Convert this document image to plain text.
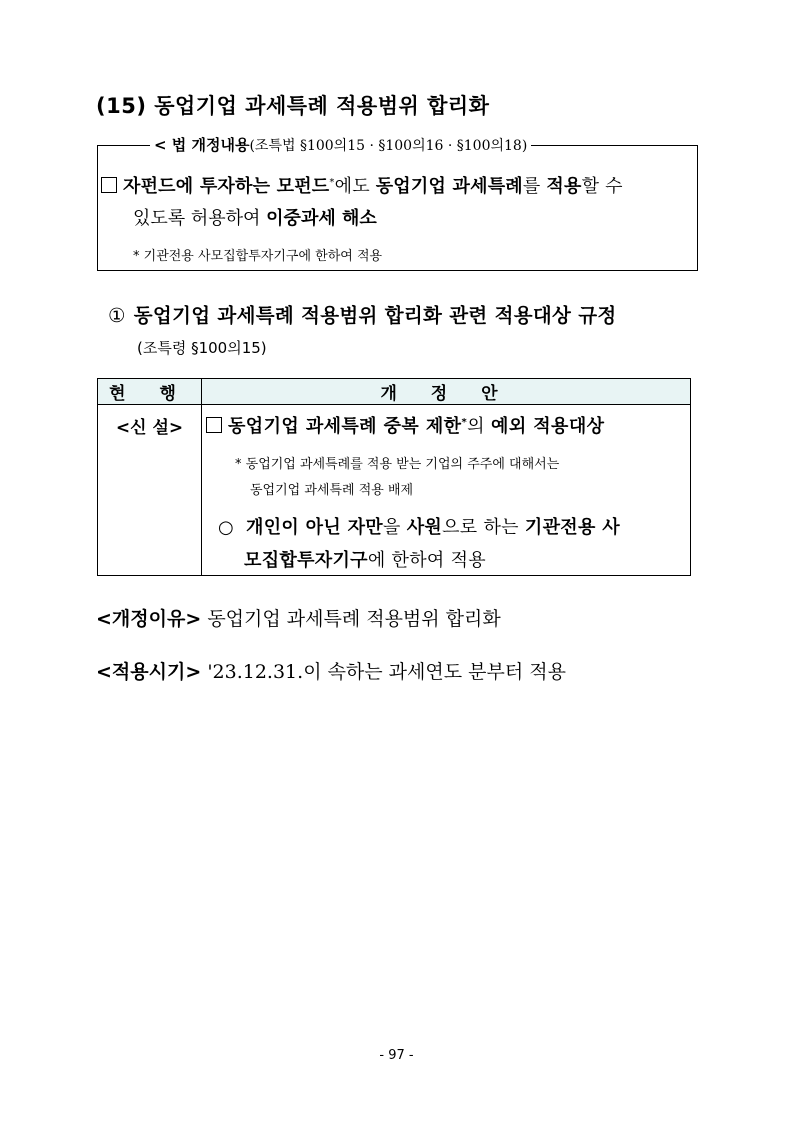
(15) 동업기업 과세특례 적용범위 합리화
< 법 개정내용(조특법 §100의15 · §100의16 · §100의18)
자펀드에 투자하는 모펀드*에도 동업기업 과세특례를 적용할 수
있도록 허용하여 이중과세 해소
* 기관전용 사모집합투자기구에 한하여 적용
① 동업기업 과세특례 적용범위 합리화 관련 적용대상 규정
(조특령 §100의15)
현 행	개 정 안
<신 설>	동업기업 과세특례 중복 제한*의 예외 적용대상
* 동업기업 과세특례를 적용 받는 기업의 주주에 대해서는
동업기업 과세특례 적용 배제
○ 개인이 아닌 자만을 사원으로 하는 기관전용 사
모집합투자기구에 한하여 적용
<개정이유> 동업기업 과세특례 적용범위 합리화
<적용시기> '23.12.31.이 속하는 과세연도 분부터 적용
- 97 -
